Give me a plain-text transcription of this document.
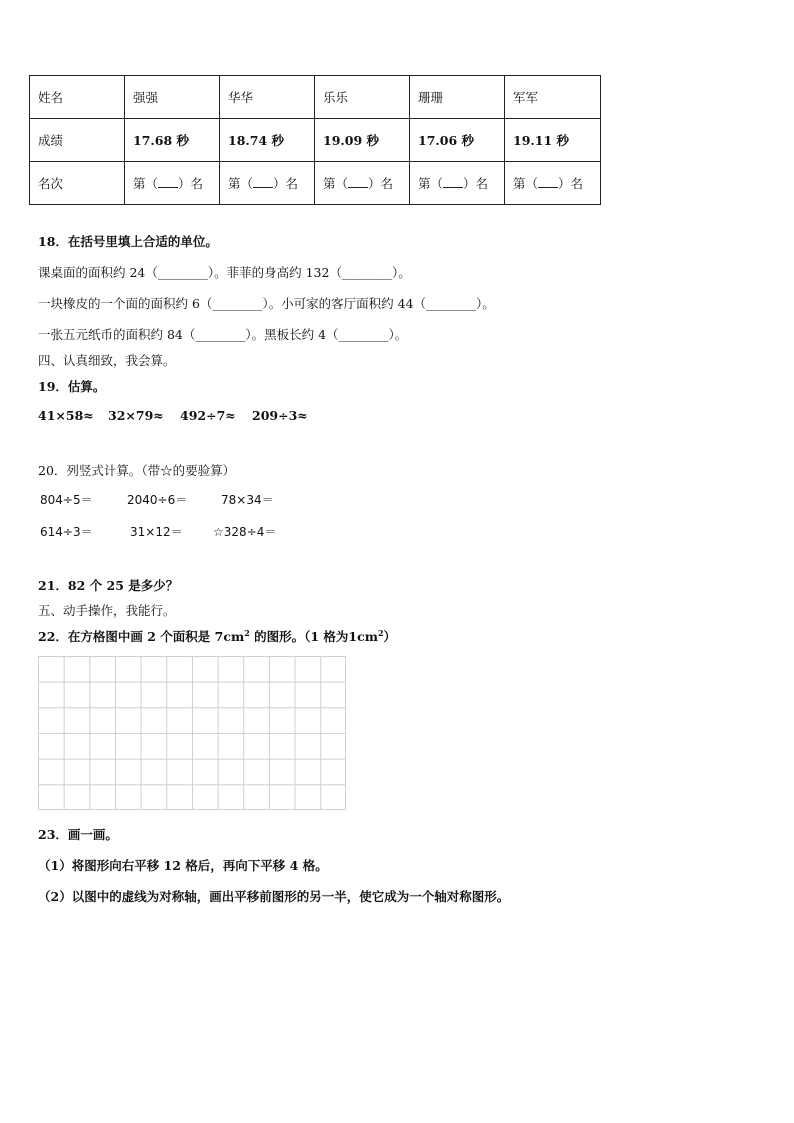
姓名	强强	华华	乐乐	珊珊	军军
成绩	17.68 秒	18.74 秒	19.09 秒	17.06 秒	19.11 秒
名次	第（ ）名	第（ ）名	第（ ）名	第（ ）名	第（ ）名
18．在括号里填上合适的单位。
课桌面的面积约 24（________）。菲菲的身高约 132（________）。
一块橡皮的一个面的面积约 6（________）。小可家的客厅面积约 44（________）。
一张五元纸币的面积约 84（________）。黑板长约 4（________）。
四、认真细致，我会算。
19．估算。
41×58≈ 32×79≈ 492÷7≈ 209÷3≈
20．列竖式计算。（带☆的要验算）
804÷5＝	2040÷6＝	78×34＝
614÷3＝	31×12＝	☆328÷4＝
21．82 个 25 是多少？
五、动手操作，我能行。
22．在方格图中画 2 个面积是 $7cm^2$ 的图形。（1 格为$1cm^2$）
23．画一画。
（1）将图形向右平移 12 格后，再向下平移 4 格。
（2）以图中的虚线为对称轴，画出平移前图形的另一半，使它成为一个轴对称图形。
